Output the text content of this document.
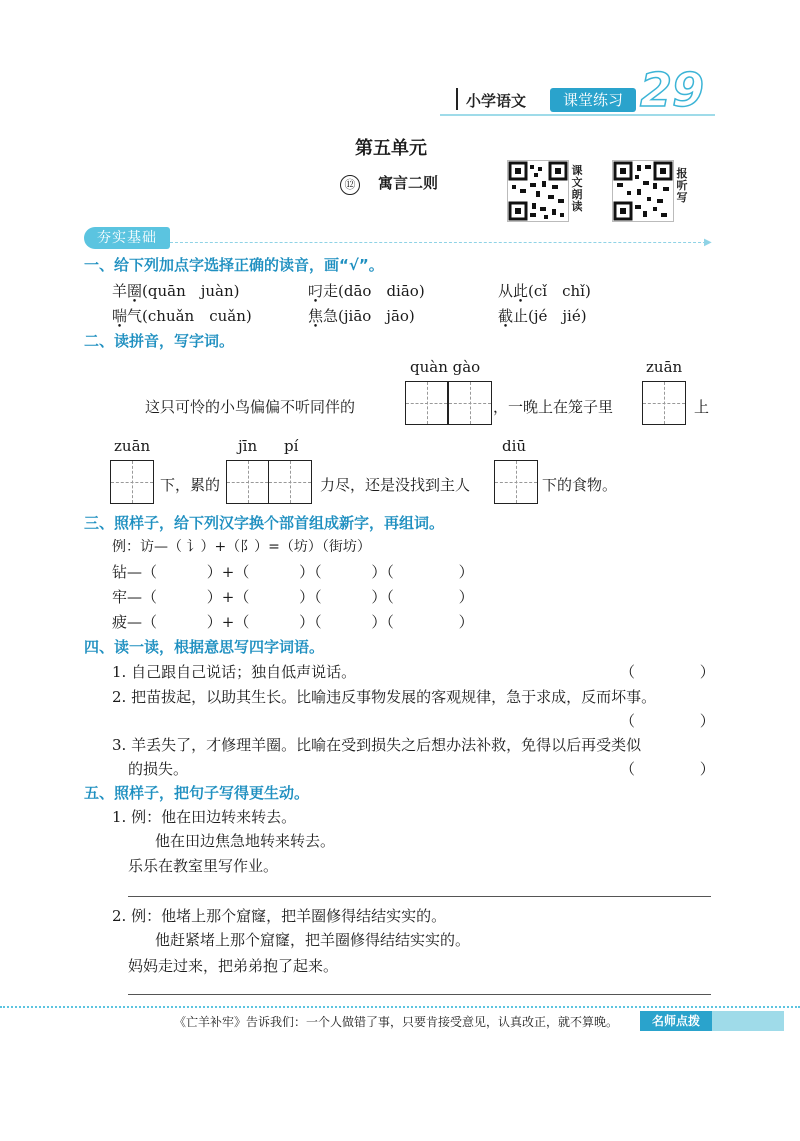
小学语文	课堂练习 29
第五单元
⑫ 寓言二则
课
文
朗
读
报
听
写
夯实基础	▶
一、给下列加点字选择正确的读音，画“√”。
羊圈(quān　juàn)	叼走(dāo　diāo)	从此(cǐ　chǐ)
喘气(chuǎn　cuǎn)	焦急(jiāo　jāo)	截止(jé　jié)
二、读拼音，写字词。
quàn gào	zuān
这只可怜的小鸟偏偏不听同伴的	，一晚上在笼子里	上
zuān	jīn pí	diū
下，累的	力尽，还是没找到主人	下的食物。
三、照样子，给下列汉字换个部首组成新字，再组词。
例：访—（ 讠）+（阝）=（坊）（街坊）
钻—（　　　 ）+（　　　 ）（　　　 ）（　　　　 ）
牢—（　　　 ）+（　　　 ）（　　　 ）（　　　　 ）
疲—（　　　 ）+（　　　 ）（　　　 ）（　　　　 ）
四、读一读，根据意思写四字词语。
1. 自己跟自己说话；独自低声说话。	（　　　　 ）
2. 把苗拔起，以助其生长。比喻违反事物发展的客观规律，急于求成，反而坏事。
（　　　　 ）
3. 羊丢失了，才修理羊圈。比喻在受到损失之后想办法补救，免得以后再受类似
的损失。	（　　　　 ）
五、照样子，把句子写得更生动。
1. 例：他在田边转来转去。
他在田边焦急地转来转去。
乐乐在教室里写作业。
2. 例：他堵上那个窟窿，把羊圈修得结结实实的。
他赶紧堵上那个窟窿，把羊圈修得结结实实的。
妈妈走过来，把弟弟抱了起来。
《亡羊补牢》告诉我们：一个人做错了事，只要肯接受意见，认真改正，就不算晚。	名师点拨
